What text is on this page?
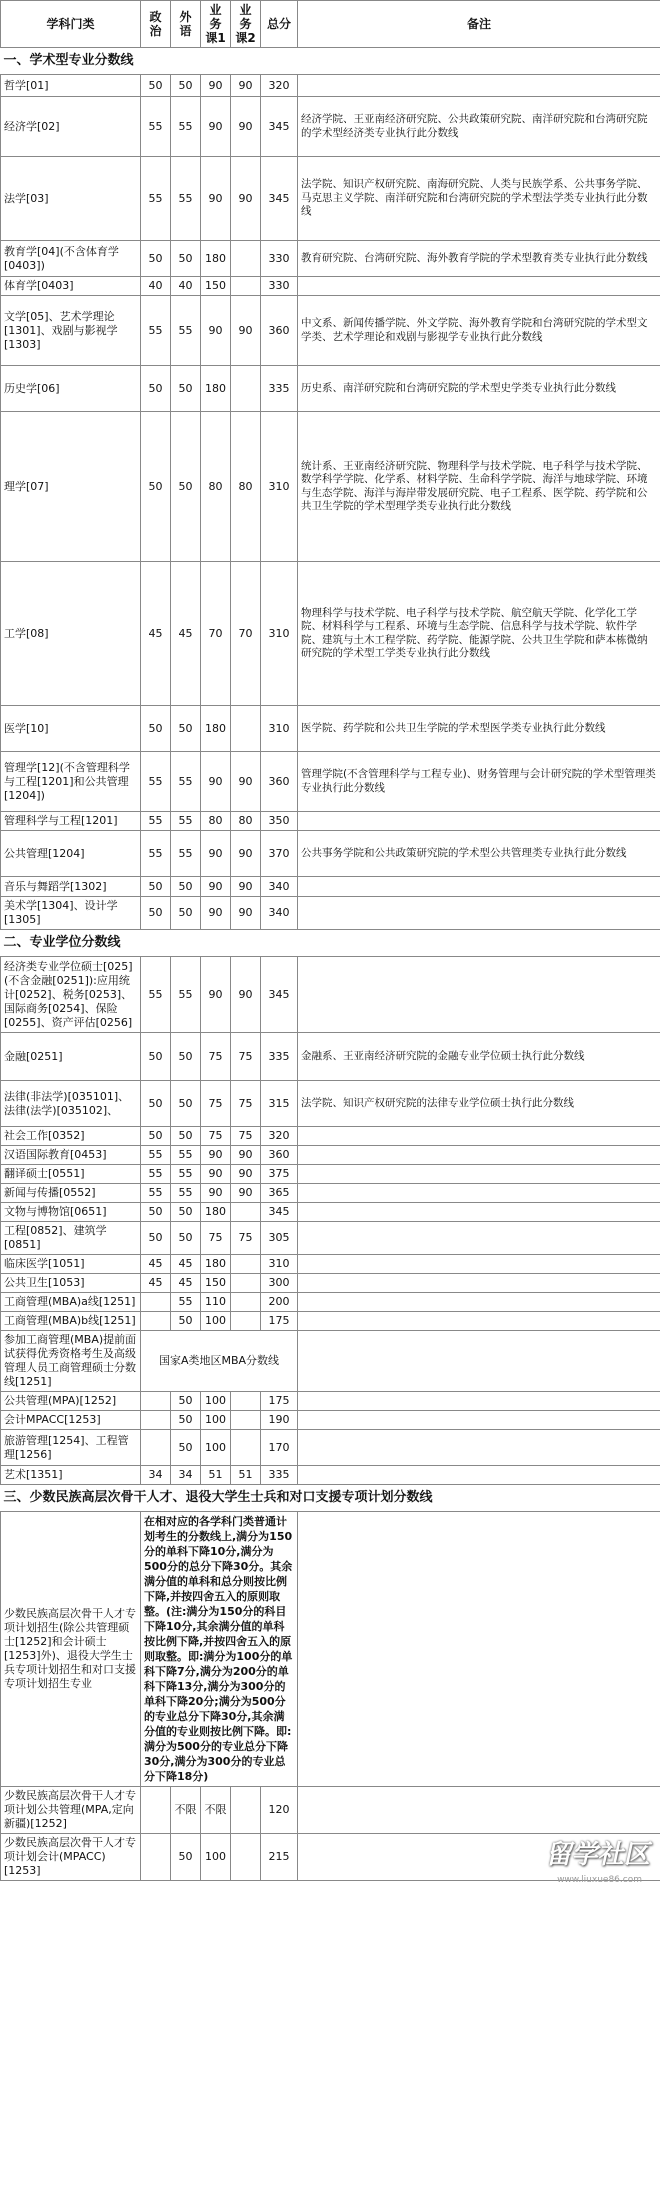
学科门类	政治	外语	业务课1	业务课2	总分	备注
一、学术型专业分数线						
哲学[01]	50	50	90	90	320	
经济学[02]	55	55	90	90	345	经济学院、王亚南经济研究院、公共政策研究院、南洋研究院和台湾研究院的学术型经济类专业执行此分数线
法学[03]	55	55	90	90	345	法学院、知识产权研究院、南海研究院、人类与民族学系、公共事务学院、马克思主义学院、南洋研究院和台湾研究院的学术型法学类专业执行此分数线
教育学[04](不含体育学[0403])	50	50	180		330	教育研究院、台湾研究院、海外教育学院的学术型教育类专业执行此分数线
体育学[0403]	40	40	150		330	
文学[05]、艺术学理论[1301]、戏剧与影视学[1303]	55	55	90	90	360	中文系、新闻传播学院、外文学院、海外教育学院和台湾研究院的学术型文学类、艺术学理论和戏剧与影视学专业执行此分数线
历史学[06]	50	50	180		335	历史系、南洋研究院和台湾研究院的学术型史学类专业执行此分数线
理学[07]	50	50	80	80	310	统计系、王亚南经济研究院、物理科学与技术学院、电子科学与技术学院、数学科学学院、化学系、材料学院、生命科学学院、海洋与地球学院、环境与生态学院、海洋与海岸带发展研究院、电子工程系、医学院、药学院和公共卫生学院的学术型理学类专业执行此分数线
工学[08]	45	45	70	70	310	物理科学与技术学院、电子科学与技术学院、航空航天学院、化学化工学院、材料科学与工程系、环境与生态学院、信息科学与技术学院、软件学院、建筑与土木工程学院、药学院、能源学院、公共卫生学院和萨本栋微纳研究院的学术型工学类专业执行此分数线
医学[10]	50	50	180		310	医学院、药学院和公共卫生学院的学术型医学类专业执行此分数线
管理学[12](不含管理科学与工程[1201]和公共管理[1204])	55	55	90	90	360	管理学院(不含管理科学与工程专业)、财务管理与会计研究院的学术型管理类专业执行此分数线
管理科学与工程[1201]	55	55	80	80	350	
公共管理[1204]	55	55	90	90	370	公共事务学院和公共政策研究院的学术型公共管理类专业执行此分数线
音乐与舞蹈学[1302]	50	50	90	90	340	
美术学[1304]、设计学[1305]	50	50	90	90	340	
二、专业学位分数线						
经济类专业学位硕士[025](不含金融[0251]):应用统计[0252]、税务[0253]、国际商务[0254]、保险[0255]、资产评估[0256]	55	55	90	90	345	
金融[0251]	50	50	75	75	335	金融系、王亚南经济研究院的金融专业学位硕士执行此分数线
法律(非法学)[035101]、法律(法学)[035102]、	50	50	75	75	315	法学院、知识产权研究院的法律专业学位硕士执行此分数线
社会工作[0352]	50	50	75	75	320	
汉语国际教育[0453]	55	55	90	90	360	
翻译硕士[0551]	55	55	90	90	375	
新闻与传播[0552]	55	55	90	90	365	
文物与博物馆[0651]	50	50	180		345	
工程[0852]、建筑学[0851]	50	50	75	75	305	
临床医学[1051]	45	45	180		310	
公共卫生[1053]	45	45	150		300	
工商管理(MBA)a线[1251]		55	110		200	
工商管理(MBA)b线[1251]		50	100		175	
参加工商管理(MBA)提前面试获得优秀资格考生及高级管理人员工商管理硕士分数线[1251]	国家A类地区MBA分数线					
公共管理(MPA)[1252]		50	100		175	
会计MPACC[1253]		50	100		190	
旅游管理[1254]、工程管理[1256]		50	100		170	
艺术[1351]	34	34	51	51	335	
三、少数民族高层次骨干人才、退役大学生士兵和对口支援专项计划分数线						
少数民族高层次骨干人才专项计划招生(除公共管理硕士[1252]和会计硕士[1253]外)、退役大学生士兵专项计划招生和对口支援专项计划招生专业	在相对应的各学科门类普通计划考生的分数线上,满分为150分的单科下降10分,满分为500分的总分下降30分。其余满分值的单科和总分则按比例下降,并按四舍五入的原则取整。(注:满分为150分的科目下降10分,其余满分值的单科按比例下降,并按四舍五入的原则取整。即:满分为100分的单科下降7分,满分为200分的单科下降13分,满分为300分的单科下降20分;满分为500分的专业总分下降30分,其余满分值的专业则按比例下降。即:满分为500分的专业总分下降30分,满分为300分的专业总分下降18分)					
少数民族高层次骨干人才专项计划公共管理(MPA,定向新疆)[1252]		不限	不限		120	
少数民族高层次骨干人才专项计划会计(MPACC)[1253]		50	100		215		留学社区
www.liuxue86.com
